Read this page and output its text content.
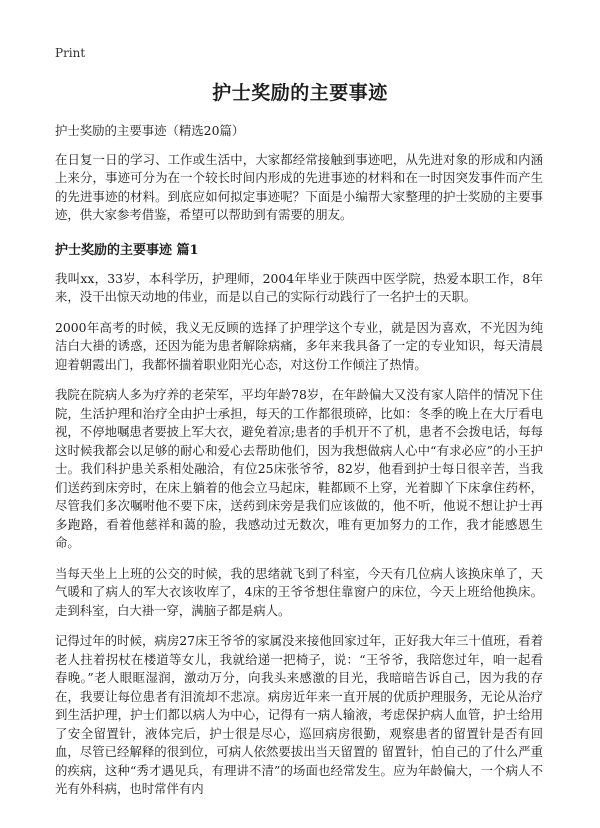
Print
护士奖励的主要事迹

护士奖励的主要事迹（精选20篇）

在日复一日的学习、工作或生活中，大家都经常接触到事迹吧，从先进对象的形成和内涵上来分，事迹可分为在一个较长时间内形成的先进事迹的材料和在一时因突发事件而产生的先进事迹的材料。到底应如何拟定事迹呢？下面是小编帮大家整理的护士奖励的主要事迹，供大家参考借鉴，希望可以帮助到有需要的朋友。

护士奖励的主要事迹 篇1

我叫xx，33岁，本科学历，护理师，2004年毕业于陕西中医学院，热爱本职工作，8年来，没干出惊天动地的伟业，而是以自己的实际行动践行了一名护士的天职。

2000年高考的时候，我义无反顾的选择了护理学这个专业，就是因为喜欢，不光因为纯洁白大褂的诱惑，还因为能为患者解除病痛，多年来我具备了一定的专业知识，每天清晨迎着朝霞出门，我都怀揣着职业阳光心态，对这份工作倾注了热情。

我院在院病人多为疗养的老荣军，平均年龄78岁，在年龄偏大又没有家人陪伴的情况下住院，生活护理和治疗全由护士承担，每天的工作都很琐碎，比如：冬季的晚上在大厅看电视，不停地嘱患者要披上军大衣，避免着凉;患者的手机开不了机，患者不会拨电话，每每这时候我都会以足够的耐心和爱心去帮助他们，因为我想做病人心中“有求必应”的小王护士。我们科护患关系相处融洽，有位25床张爷爷，82岁，他看到护士每日很辛苦，当我们送药到床旁时，在床上躺着的他会立马起床，鞋都顾不上穿，光着脚丫下床拿住药杯，尽管我们多次嘱咐他不要下床，送药到床旁是我们应该做的，他不听，他说不想让护士再多跑路，看着他慈祥和蔼的脸，我感动过无数次，唯有更加努力的工作，我才能感恩生命。

当每天坐上上班的公交的时候，我的思绪就飞到了科室，今天有几位病人该换床单了，天气暖和了病人的军大衣该收库了，4床的王爷爷想住靠窗户的床位，今天上班给他换床。走到科室，白大褂一穿，满脑子都是病人。

记得过年的时候，病房27床王爷爷的家属没来接他回家过年，正好我大年三十值班，看着老人拄着拐杖在楼道等女儿，我就给递一把椅子，说：“王爷爷，我陪您过年，咱一起看春晚。”老人眼眶湿润，激动万分，向我头来感激的目光，我暗暗告诉自己，因为我的存在，我要让每位患者有泪流却不悲凉。病房近年来一直开展的优质护理服务，无论从治疗到生活护理，护士们都以病人为中心，记得有一病人输液，考虑保护病人血管，护士给用了安全留置针，液体完后，护士很是尽心，巡回病房很勤，观察患者的留置针是否有回血，尽管已经解释的很到位，可病人依然要拔出当天留置的 留置针，怕自己的了什么严重的疾病，这种“秀才遇见兵，有理讲不清”的场面也经常发生。应为年龄偏大，一个病人不光有外科病，也时常伴有内
